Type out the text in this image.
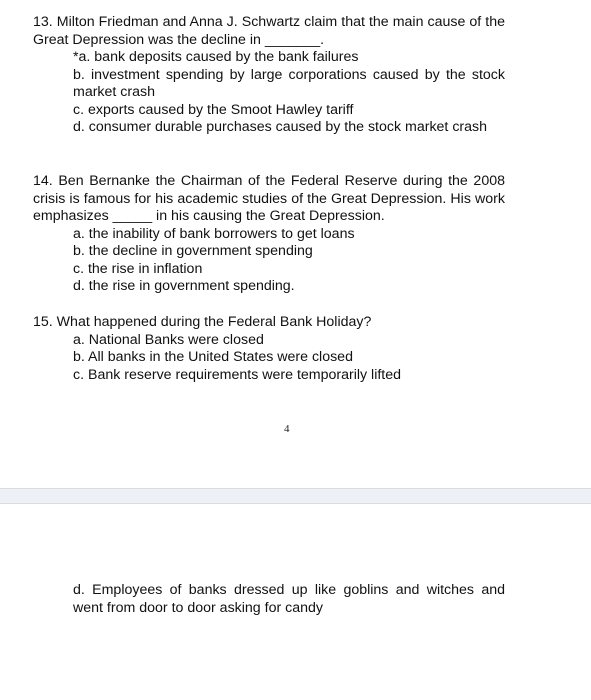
13. Milton Friedman and Anna J. Schwartz claim that the main cause of the Great Depression was the decline in _______.

*a. bank deposits caused by the bank failures

b. investment spending by large corporations caused by the stock market crash

c. exports caused by the Smoot Hawley tariff

d. consumer durable purchases caused by the stock market crash

14. Ben Bernanke the Chairman of the Federal Reserve during the 2008 crisis is famous for his academic studies of the Great Depression. His work emphasizes _____ in his causing the Great Depression.

a. the inability of bank borrowers to get loans

b. the decline in government spending

c. the rise in inflation

d. the rise in government spending.

15. What happened during the Federal Bank Holiday?

a. National Banks were closed

b. All banks in the United States were closed

c. Bank reserve requirements were temporarily lifted

4

d. Employees of banks dressed up like goblins and witches and went from door to door asking for candy
